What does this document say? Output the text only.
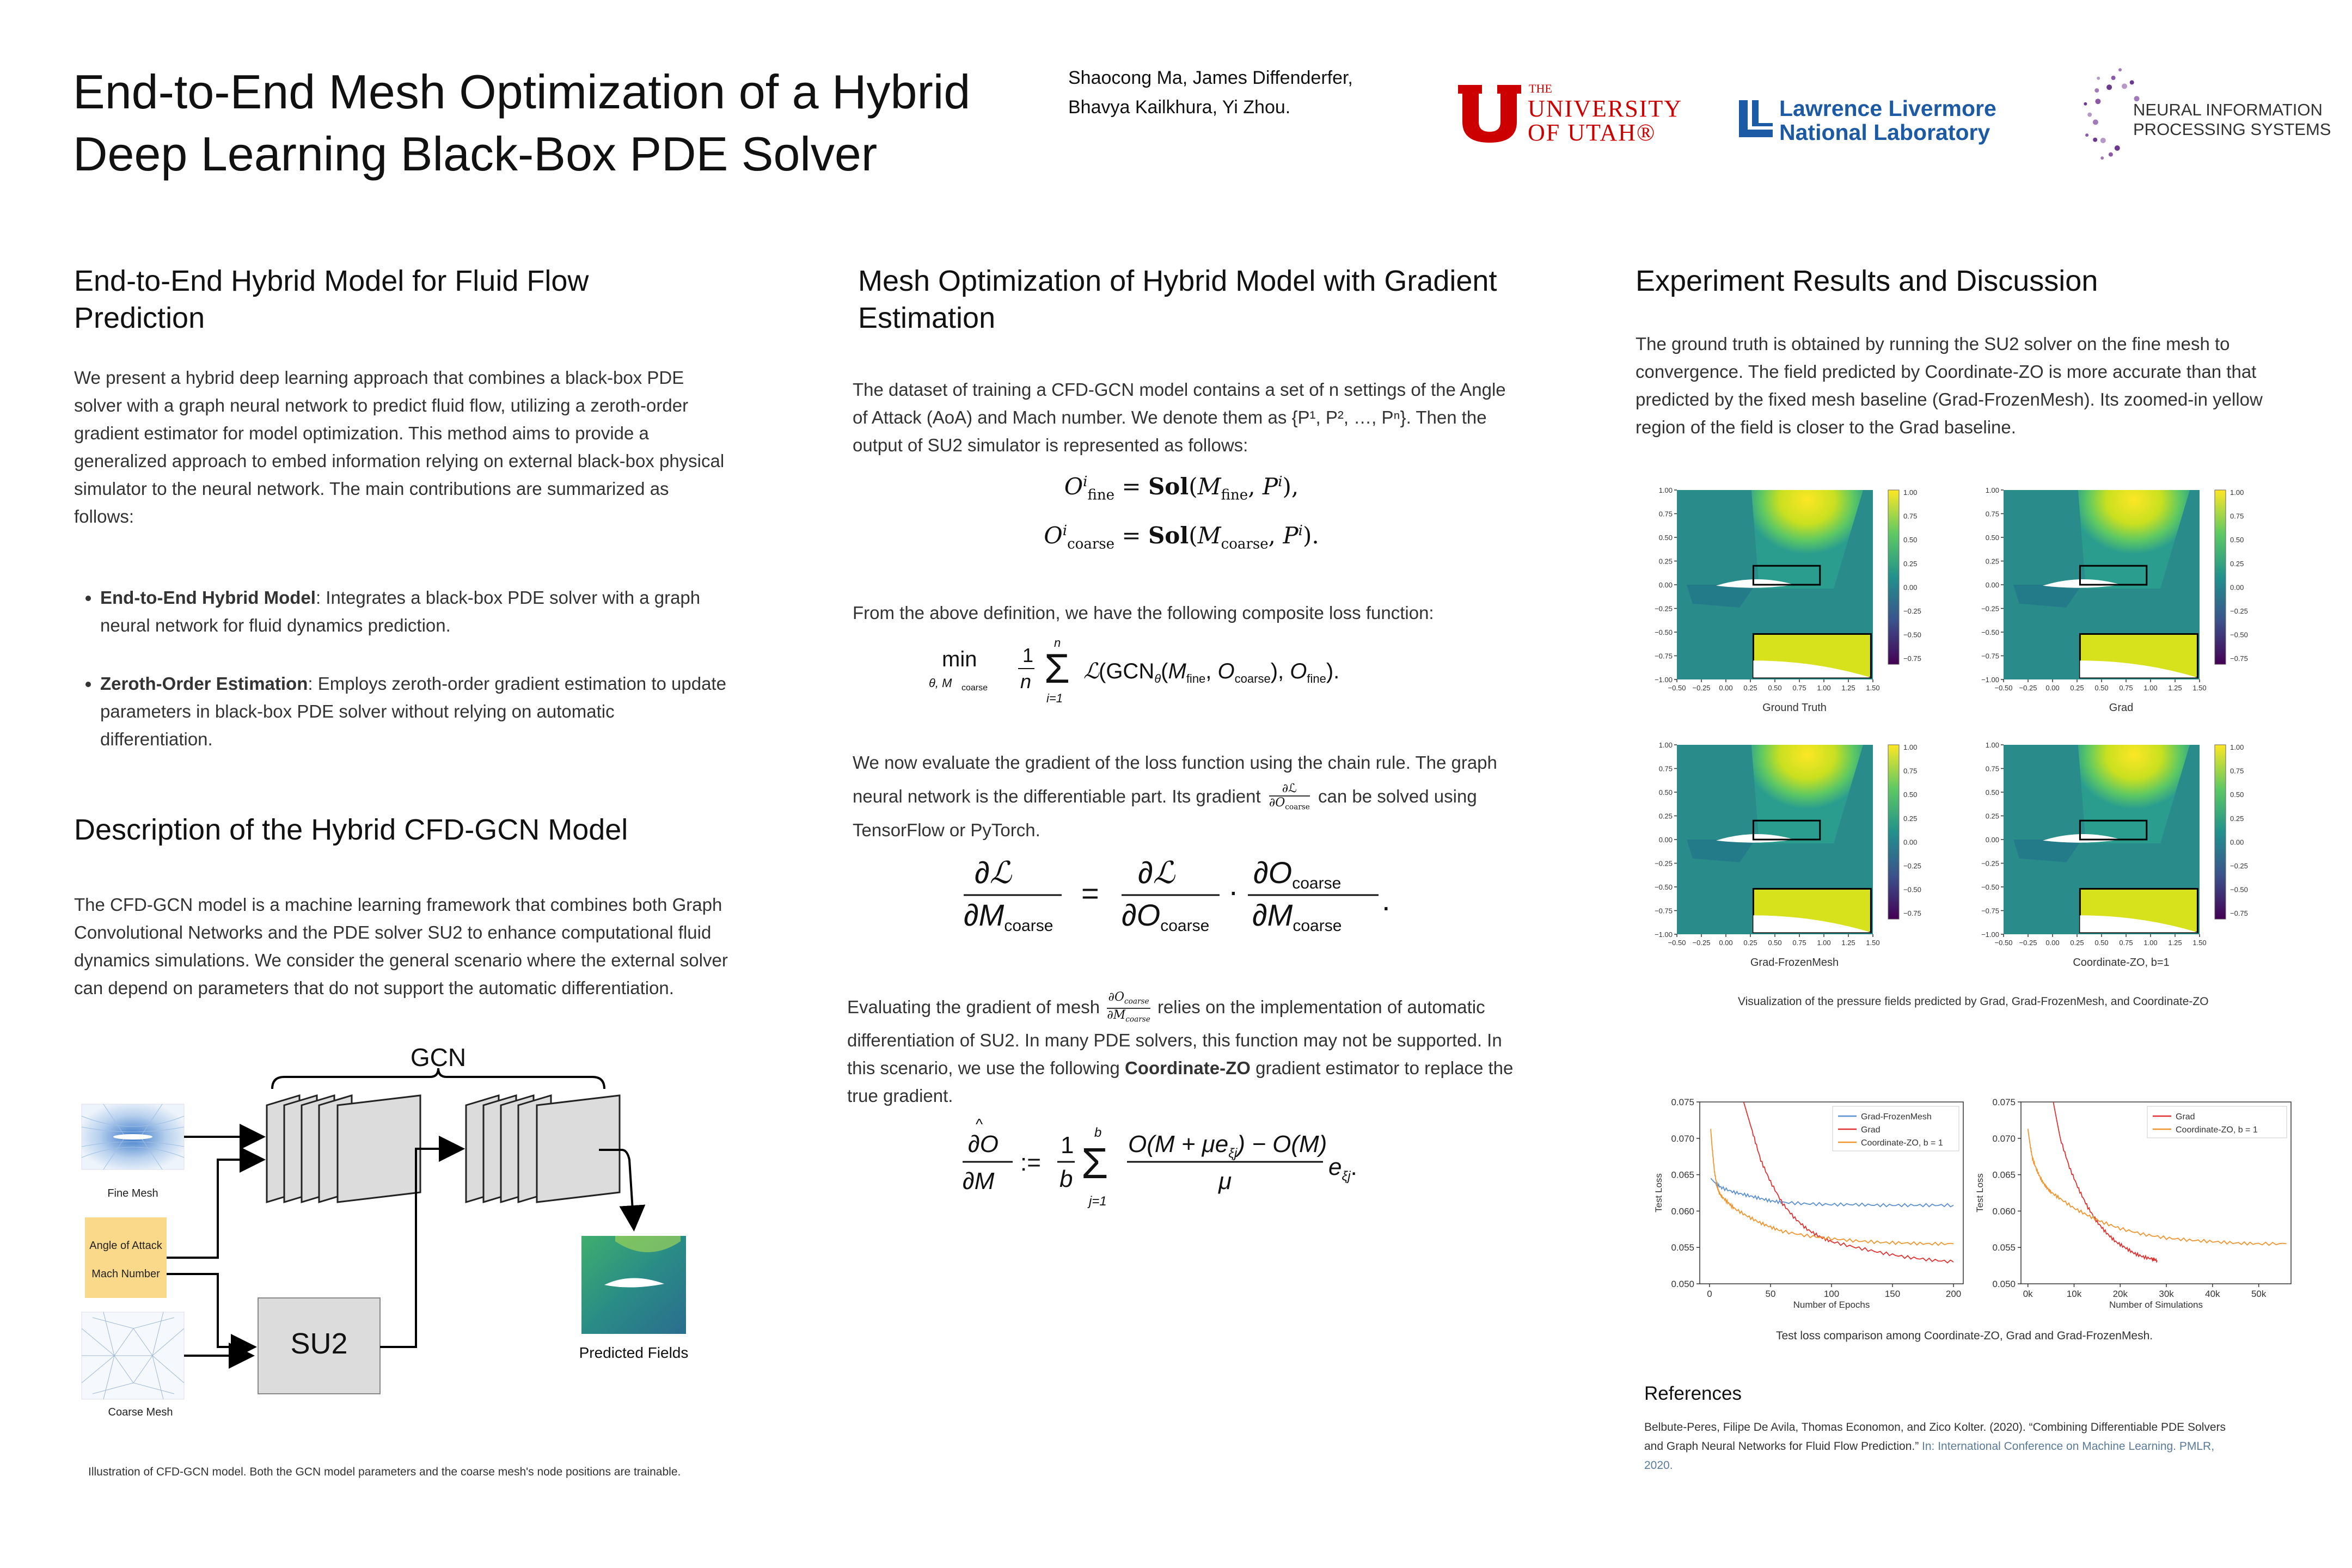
End-to-End Mesh Optimization of a Hybrid
Deep Learning Black-Box PDE Solver
Shaocong Ma, James Diffenderfer,
Bhavya Kailkhura, Yi Zhou.
THE
UNIVERSITY
OF UTAH®
Lawrence Livermore
National Laboratory
NEURAL INFORMATION
PROCESSING SYSTEMS
End-to-End Hybrid Model for Fluid Flow Prediction
We present a hybrid deep learning approach that combines a black-box PDE solver with a graph neural network to predict fluid flow, utilizing a zeroth-order gradient estimator for model optimization. This method aims to provide a generalized approach to embed information relying on external black-box physical simulator to the neural network. The main contributions are summarized as follows:
• End-to-End Hybrid Model: Integrates a black-box PDE solver with a graph neural network for fluid dynamics prediction.
• Zeroth-Order Estimation: Employs zeroth-order gradient estimation to update parameters in black-box PDE solver without relying on automatic differentiation.
Description of the Hybrid CFD-GCN Model
The CFD-GCN model is a machine learning framework that combines both Graph Convolutional Networks and the PDE solver SU2 to enhance computational fluid dynamics simulations. We consider the general scenario where the external solver can depend on parameters that do not support the automatic differentiation.
GCN
Fine Mesh
Angle of Attack
Mach Number
Coarse Mesh
SU2	Predicted Fields
Illustration of CFD-GCN model. Both the GCN model parameters and the coarse mesh's node positions are trainable.
Mesh Optimization of Hybrid Model with Gradient Estimation
The dataset of training a CFD-GCN model contains a set of n settings of the Angle of Attack (AoA) and Mach number. We denote them as {P¹, P², …, Pⁿ}. Then the output of SU2 simulator is represented as follows:
$O^i_{fine} = Sol(M_{fine}$, $P^i$),
$O^i_{coarse} = Sol(M_{coarse}$, $P^i$).
From the above definition, we have the following composite loss function:
min
θ, M coarse
1
n Σ
n
i=1
ℒ ($GCN_\theta(M_{fine}$, $O_{coarse}$), $O_{fine}$).
We now evaluate the gradient of the loss function using the chain rule. The graph neural network is the differentiable part. Its gradient	∂ℒ
$\partial O_{coarse}$
can be solved using TensorFlow or PyTorch.
∂ℒ
∂Mcoarse
=
∂ℒ
∂Ocoarse
·
∂Ocoarse
∂Mcoarse
.
Evaluating the gradient of mesh $\partial O_{coarse}$
$\partial M_{coarse}$
relies on the implementation of automatic differentiation of SU2. In many PDE solvers, this function may not be supported. In this scenario, we use the following Coordinate-ZO gradient estimator to replace the true gradient.
^
∂O
∂M
:=
1
b Σ
b
j=1
$O(M + \mu e_{\xi j}) - O(M)$
μ
$e_{\xi j}$.
Experiment Results and Discussion
The ground truth is obtained by running the SU2 solver on the fine mesh to convergence. The field predicted by Coordinate-ZO is more accurate than that predicted by the fixed mesh baseline (Grad-FrozenMesh). Its zoomed-in yellow region of the field is closer to the Grad baseline.
1.00
0.75
0.50
0.25
0.00
−0.25
−0.50
−0.75
−1.00
−0.50 −0.25 0.00 0.25 0.50 0.75 1.00 1.25 1.50
1.00
0.75
0.50
0.25
0.00
−0.25
−0.50
−0.75
Ground Truth
1.00
0.75
0.50
0.25
0.00
−0.25
−0.50
−0.75
−1.00
−0.50 −0.25 0.00 0.25 0.50 0.75 1.00 1.25 1.50
1.00
0.75
0.50
0.25
0.00
−0.25
−0.50
−0.75
Grad
1.00
0.75
0.50
0.25
0.00
−0.25
−0.50
−0.75
−1.00
−0.50 −0.25 0.00 0.25 0.50 0.75 1.00 1.25 1.50
1.00
0.75
0.50
0.25
0.00
−0.25
−0.50
−0.75
Grad-FrozenMesh
1.00
0.75
0.50
0.25
0.00
−0.25
−0.50
−0.75
−1.00
−0.50 −0.25 0.00 0.25 0.50 0.75 1.00 1.25 1.50
1.00
0.75
0.50
0.25
0.00
−0.25
−0.50
−0.75
Coordinate-ZO, b=1
Visualization of the pressure fields predicted by Grad, Grad-FrozenMesh, and Coordinate-ZO
0.050
0.055
0.060
0.065
0.070
0.075
0	50	100	150	200
Number of Epochs
Test Loss
Grad-FrozenMesh
Grad
Coordinate-ZO, b = 1
0.050
0.055
0.060
0.065
0.070
0.075
0k	10k	20k	30k	40k	50k
Number of Simulations
Test Loss
Grad
Coordinate-ZO, b = 1
Test loss comparison among Coordinate-ZO, Grad and Grad-FrozenMesh.
References
Belbute-Peres, Filipe De Avila, Thomas Economon, and Zico Kolter. (2020). “Combining Differentiable PDE Solvers and Graph Neural Networks for Fluid Flow Prediction.” In: International Conference on Machine Learning. PMLR, 2020.
